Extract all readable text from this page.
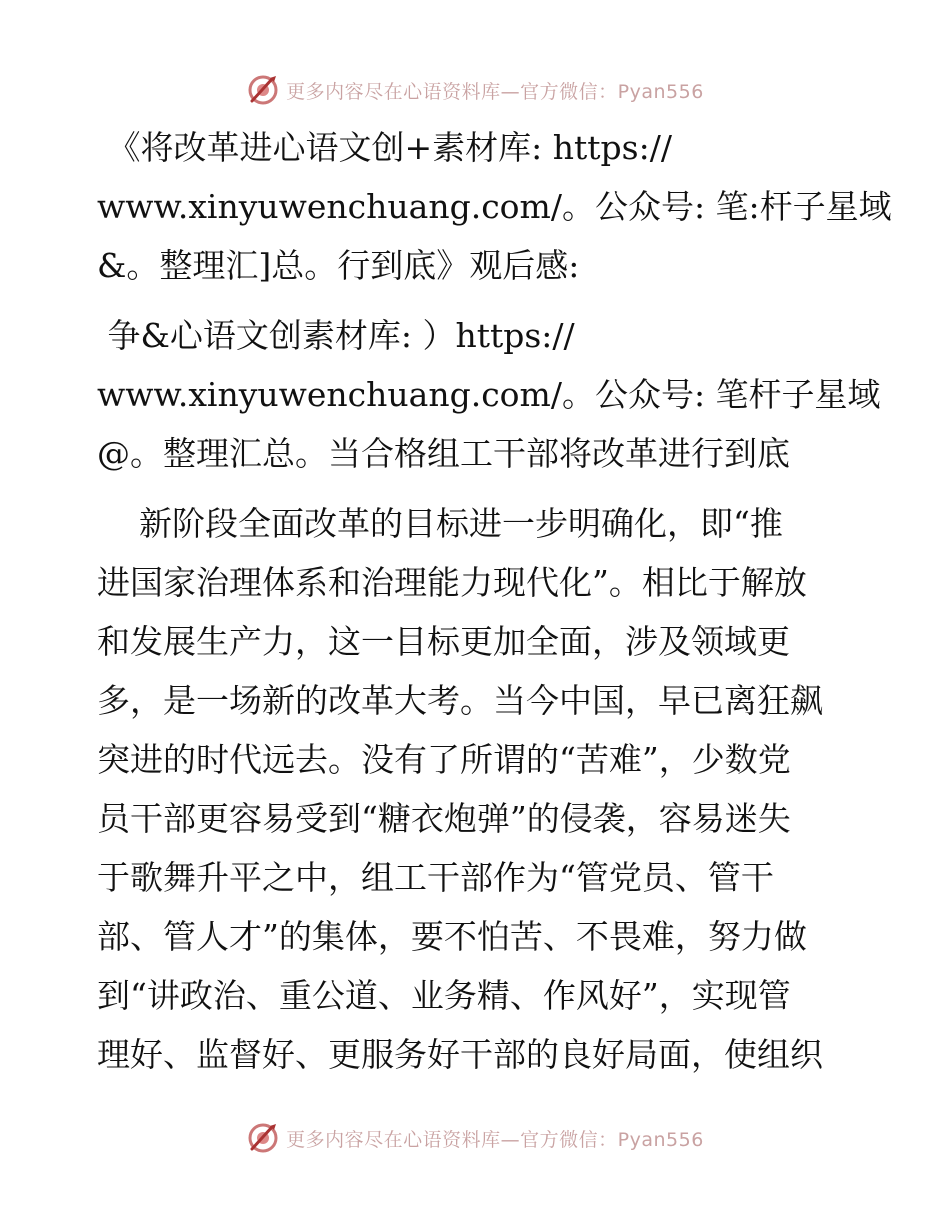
更多内容尽在心语资料库—官方微信：Pyan556
《将改革进心语文创+素材库: https://
www.xinyuwenchuang.com/。公众号: 笔:杆子星域
&。整理汇]总。行到底》观后感:
争&心语文创素材库: ）https://
www.xinyuwenchuang.com/。公众号: 笔杆子星域
@。整理汇总。当合格组工干部将改革进行到底
新阶段全面改革的目标进一步明确化，即“推
进国家治理体系和治理能力现代化”。相比于解放
和发展生产力，这一目标更加全面，涉及领域更
多，是一场新的改革大考。当今中国，早已离狂飙
突进的时代远去。没有了所谓的“苦难”，少数党
员干部更容易受到“糖衣炮弹”的侵袭，容易迷失
于歌舞升平之中，组工干部作为“管党员、管干
部、管人才”的集体，要不怕苦、不畏难，努力做
到“讲政治、重公道、业务精、作风好”，实现管
理好、监督好、更服务好干部的良好局面，使组织
更多内容尽在心语资料库—官方微信：Pyan556
